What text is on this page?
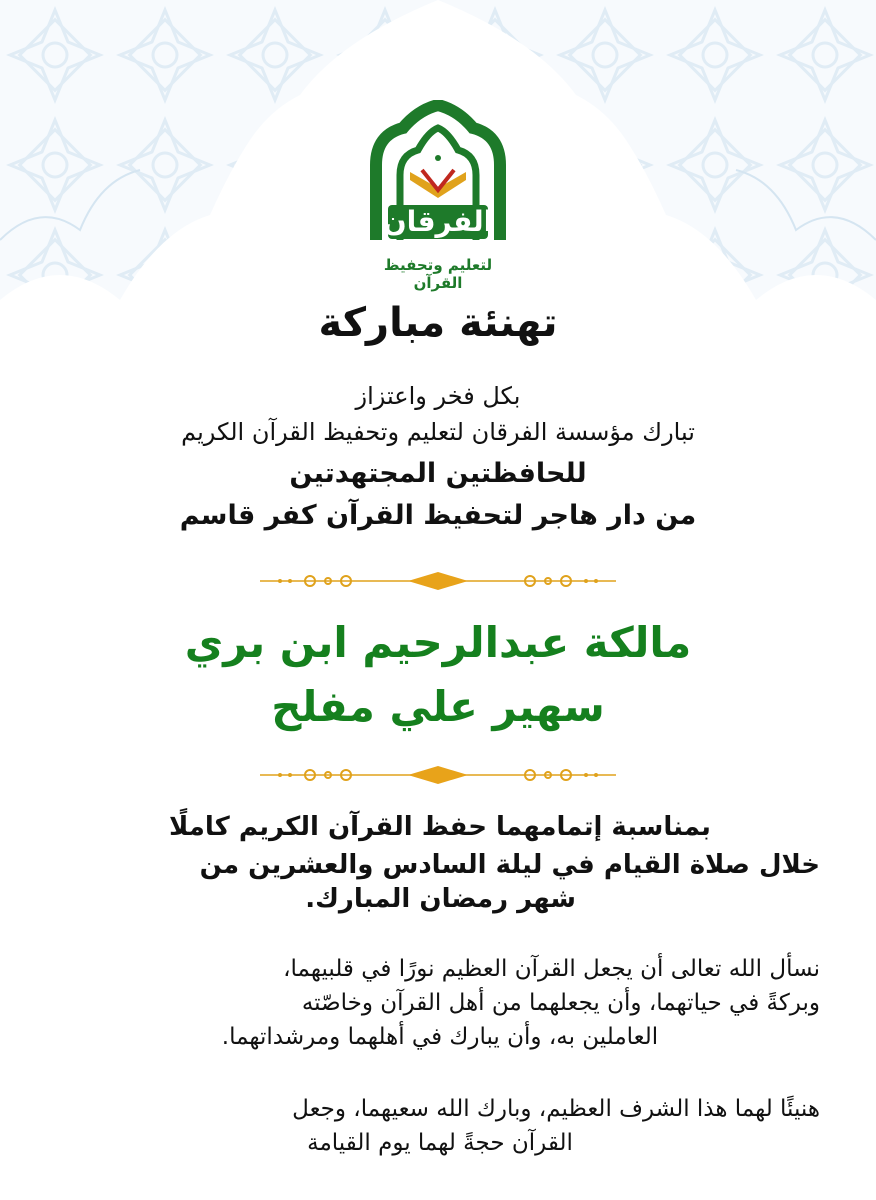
الفرقان
لتعليم وتحفيظ القرآن
تهنئة مباركة
بكل فخر واعتزاز
تبارك مؤسسة الفرقان لتعليم وتحفيظ القرآن الكريم
للحافظتين المجتهدتين
من دار هاجر لتحفيظ القرآن كفر قاسم
مالكة عبدالرحيم ابن بري
سهير علي مفلح
بمناسبة إتمامهما حفظ القرآن الكريم كاملًا
خلال صلاة القيام في ليلة السادس والعشرين من
شهر رمضان المبارك.
نسأل الله تعالى أن يجعل القرآن العظيم نورًا في قلبيهما،
وبركةً في حياتهما، وأن يجعلهما من أهل القرآن وخاصّته
العاملين به، وأن يبارك في أهلهما ومرشداتهما.
هنيئًا لهما هذا الشرف العظيم، وبارك الله سعيهما، وجعل
القرآن حجةً لهما يوم القيامة
